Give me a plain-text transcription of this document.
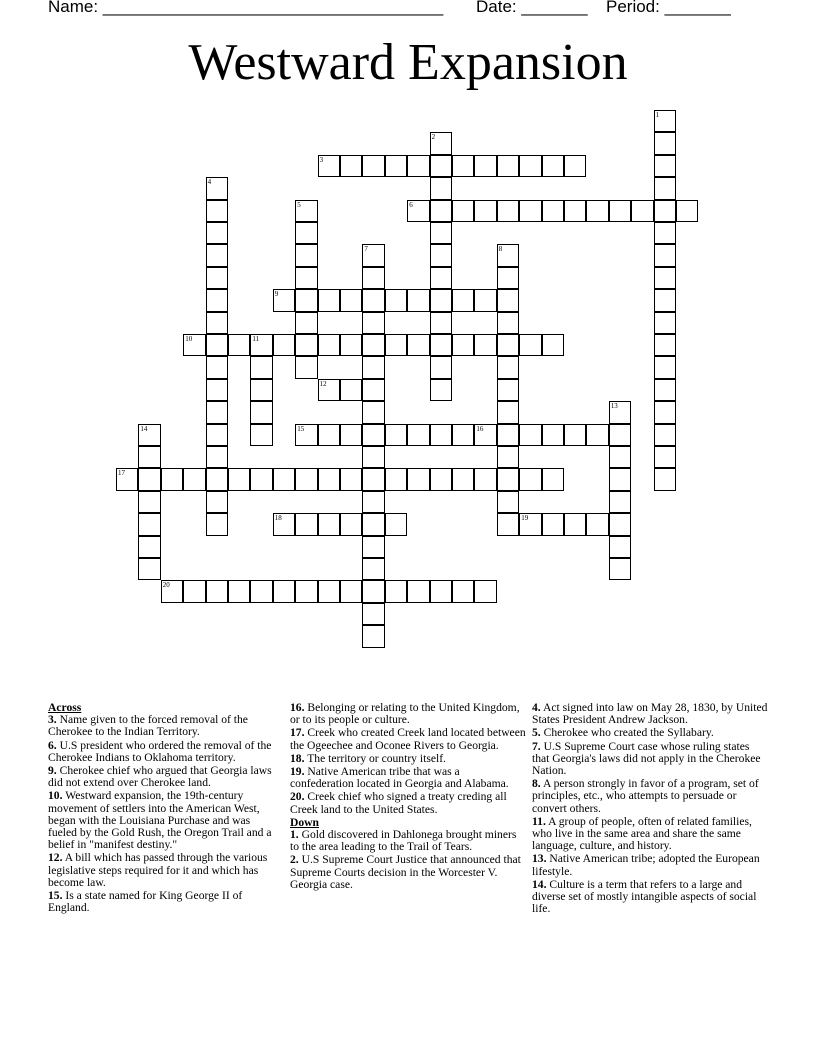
Name: ____________________________________ Date: _______ Period: _______
Westward Expansion
1
2
3
4
5	6
7	8
9
10	11
12
13
14	15	16
17
18	19
20
Across
3. Name given to the forced removal of the Cherokee to the Indian Territory.
6. U.S president who ordered the removal of the Cherokee Indians to Oklahoma territory.
9. Cherokee chief who argued that Georgia laws did not extend over Cherokee land.
10. Westward expansion, the 19th-century movement of settlers into the American West, began with the Louisiana Purchase and was fueled by the Gold Rush, the Oregon Trail and a belief in "manifest destiny."
12. A bill which has passed through the various legislative steps required for it and which has become law.
15. Is a state named for King George II of England.
16. Belonging or relating to the United Kingdom, or to its people or culture.
17. Creek who created Creek land located between the Ogeechee and Oconee Rivers to Georgia.
18. The territory or country itself.
19. Native American tribe that was a confederation located in Georgia and Alabama.
20. Creek chief who signed a treaty creding all Creek land to the United States.
Down
1. Gold discovered in Dahlonega brought miners to the area leading to the Trail of Tears.
2. U.S Supreme Court Justice that announced that Supreme Courts decision in the Worcester V. Georgia case.
4. Act signed into law on May 28, 1830, by United States President Andrew Jackson.
5. Cherokee who created the Syllabary.
7. U.S Supreme Court case whose ruling states that Georgia's laws did not apply in the Cherokee Nation.
8. A person strongly in favor of a program, set of principles, etc., who attempts to persuade or convert others.
11. A group of people, often of related families, who live in the same area and share the same language, culture, and history.
13. Native American tribe; adopted the European lifestyle.
14. Culture is a term that refers to a large and diverse set of mostly intangible aspects of social life.
